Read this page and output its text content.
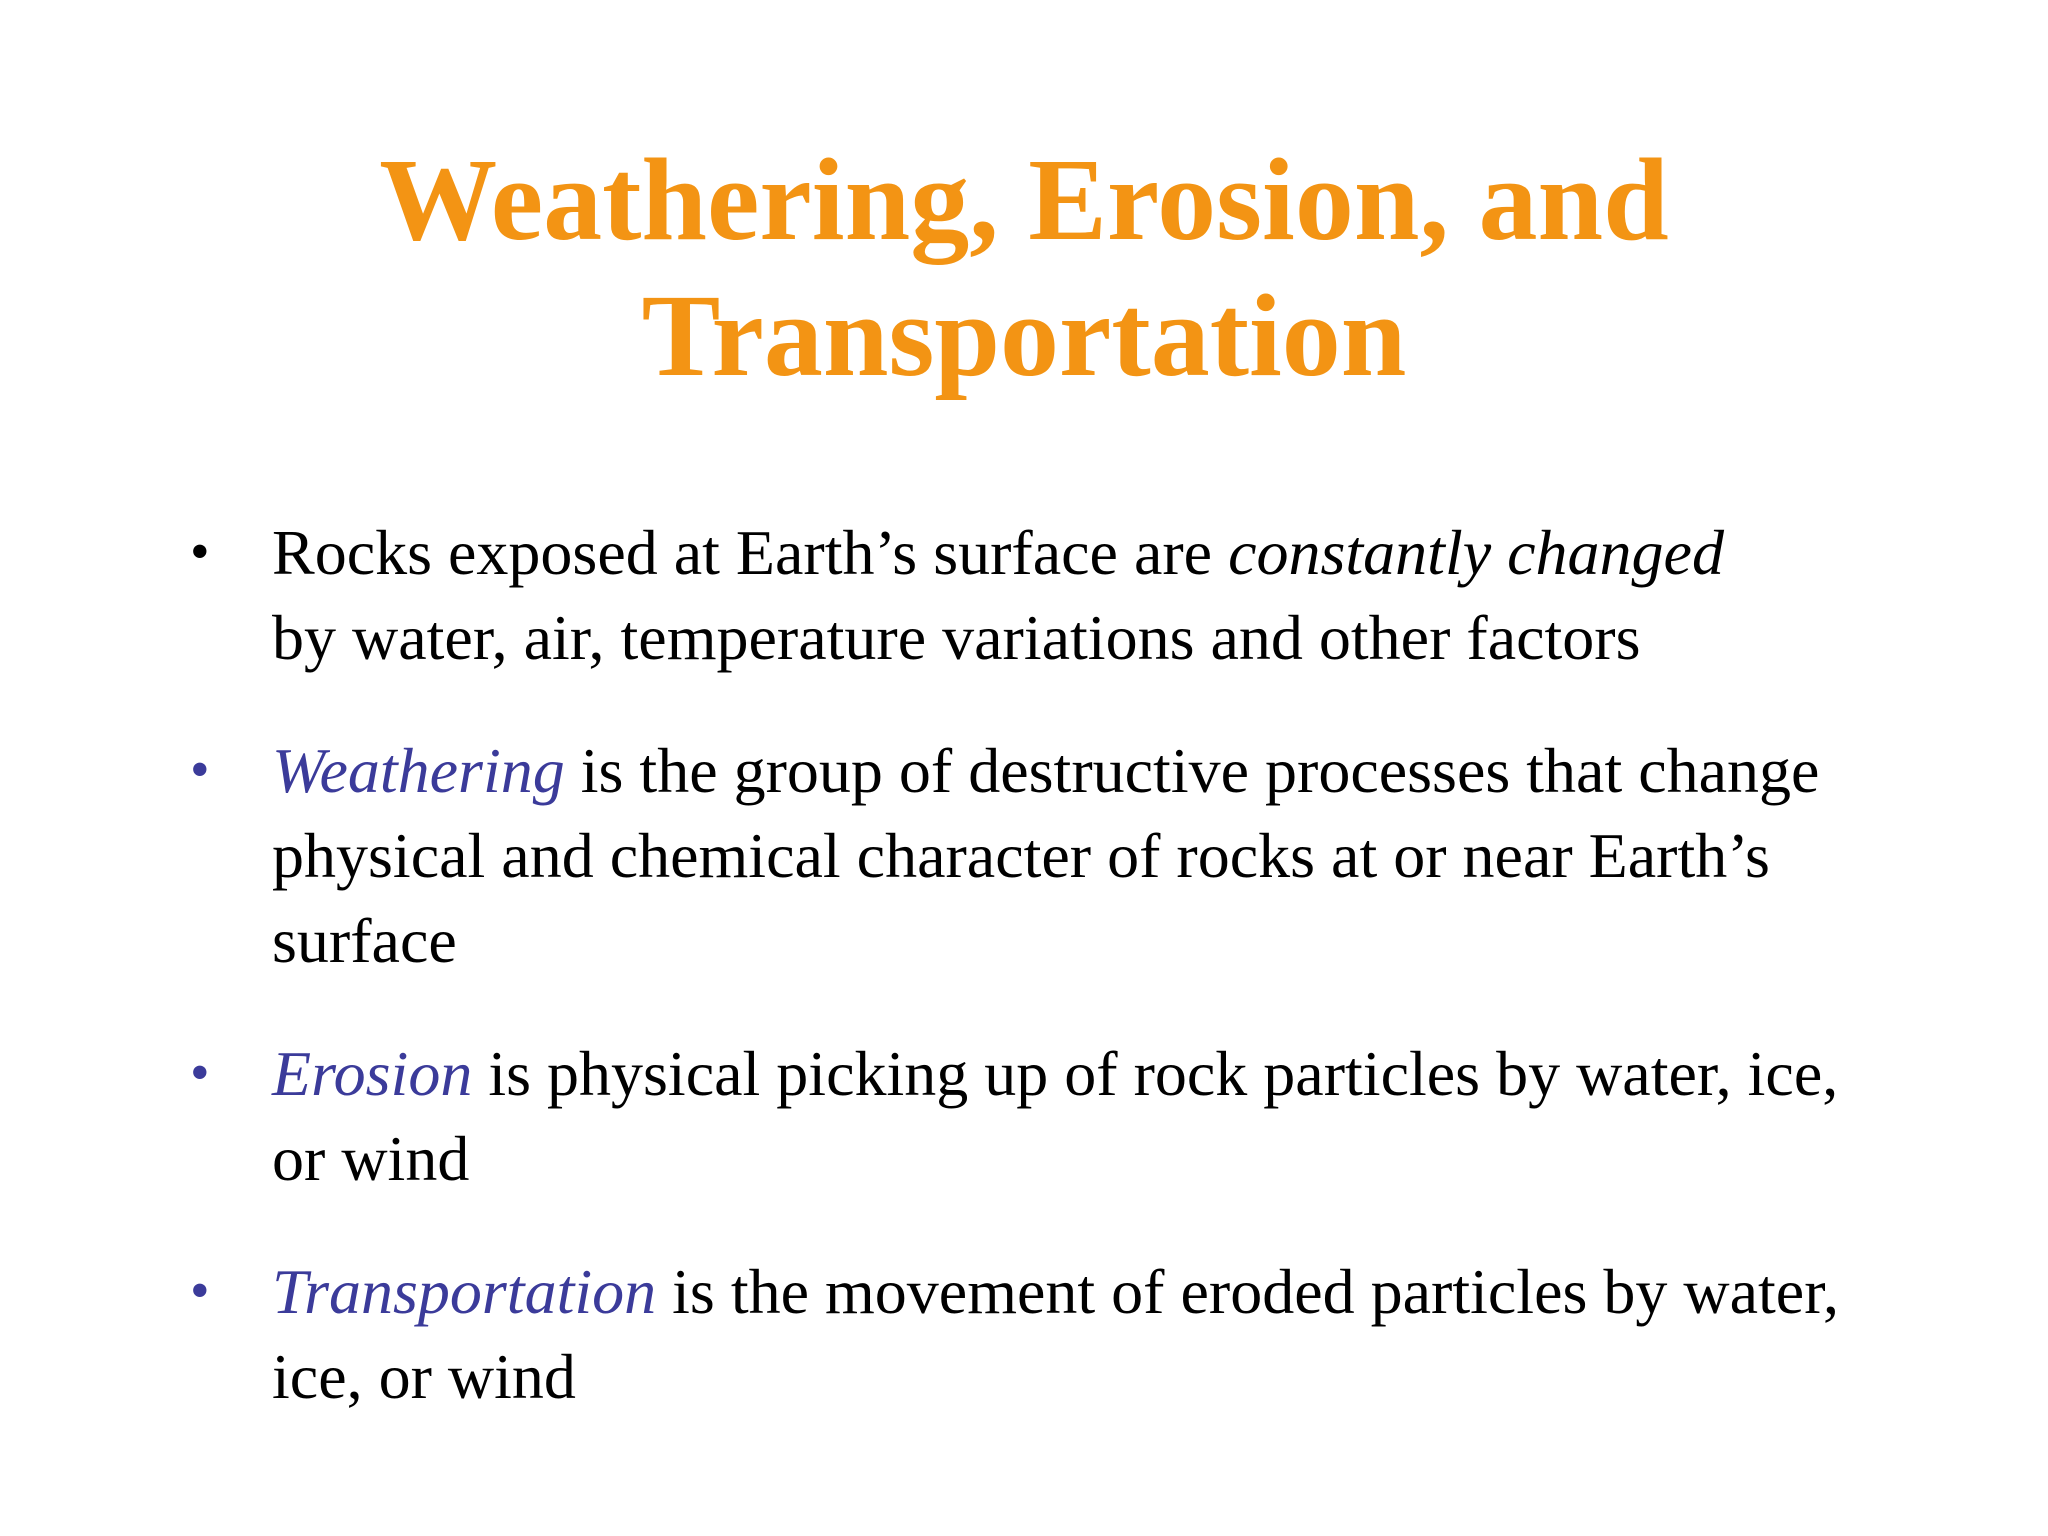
Weathering, Erosion, and
Transportation
• Rocks exposed at Earth’s surface are constantly changed
by water, air, temperature variations and other factors
• Weathering is the group of destructive processes that change physical and chemical character of rocks at or near Earth’s surface
• Erosion is physical picking up of rock particles by water, ice, or wind
• Transportation is the movement of eroded particles by water, ice, or wind
